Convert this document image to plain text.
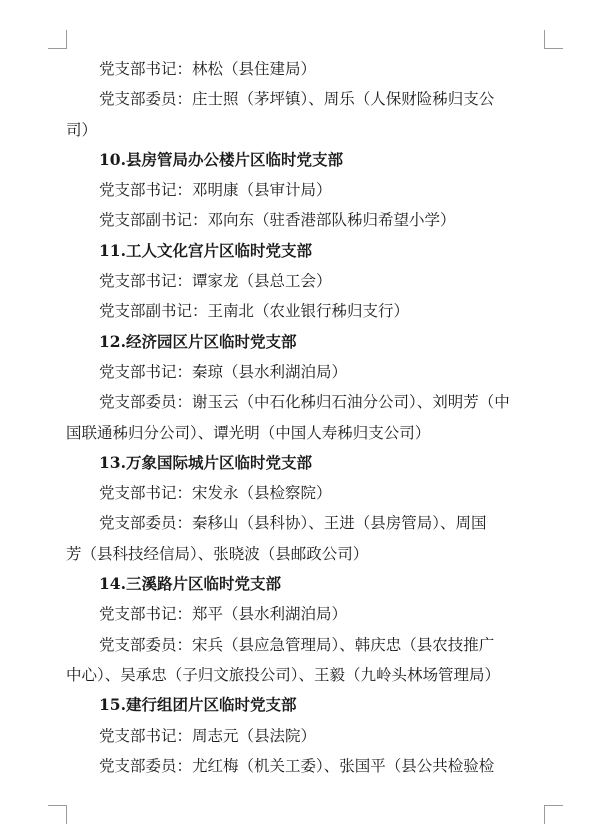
党支部书记：林松（县住建局）
党支部委员：庄士照（茅坪镇）、周乐（人保财险秭归支公
司）
10.县房管局办公楼片区临时党支部
党支部书记：邓明康（县审计局）
党支部副书记：邓向东（驻香港部队秭归希望小学）
11.工人文化宫片区临时党支部
党支部书记：谭家龙（县总工会）
党支部副书记：王南北（农业银行秭归支行）
12.经济园区片区临时党支部
党支部书记：秦琼（县水利湖泊局）
党支部委员：谢玉云（中石化秭归石油分公司）、刘明芳（中
国联通秭归分公司）、谭光明（中国人寿秭归支公司）
13.万象国际城片区临时党支部
党支部书记：宋发永（县检察院）
党支部委员：秦移山（县科协）、王进（县房管局）、周国
芳（县科技经信局）、张晓波（县邮政公司）
14.三溪路片区临时党支部
党支部书记：郑平（县水利湖泊局）
党支部委员：宋兵（县应急管理局）、韩庆忠（县农技推广
中心）、吴承忠（子归文旅投公司）、王毅（九岭头林场管理局）
15.建行组团片区临时党支部
党支部书记：周志元（县法院）
党支部委员：尤红梅（机关工委）、张国平（县公共检验检
